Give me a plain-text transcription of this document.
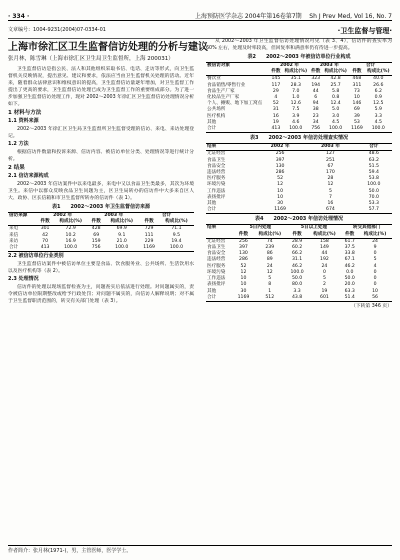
· 334 ·	上海预防医学杂志 2004年第16卷第7期 Sh J Prev Med, Vol 16, No. 7
文章编号：1004-9231(2004)07-0334-01	·卫生监督与管理·
上海市徐汇区卫生监督信访处理的分析与建议
张月林，陈雪琳（上海市徐汇区卫生局卫生监督所，上海 200031）

卫生监督信访是指公民、法人和其他组织采取书信、电话、走访等形式，向卫生监督机关反映情况，提出意见、建议和要求，依法应当由卫生监督机关处理的活动。近年来，随着群众法律意识和维权意识的提高，卫生监督信访量逐年增加，对卫生监督工作提出了更高的要求，卫生监督信访处理已成为卫生监督工作的重要组成部分。为了进一步加强卫生监督信访处理工作，现对 2002～2003 年徐汇区卫生监督信访处理情况分析如下。

1 材料与方法
1.1 资料来源

2002～2003 年徐汇区卫生局卫生监督所卫生监督受理的信访、来电、来访处理登记。

1.2 方法

根据信访件数量和投诉来源、信访内容、被信访单位分类、处理情况等进行统计分析。

2 结果
2.1 信访来源构成

2002～2003 年信访案件中以来电最多，来电中又以食品卫生类最多，其次为环境卫生。来信中以群众反映食品卫生问题为主，区卫生局转办的信访件中大多来自区人大、政协、区长信箱和市卫生监督所转办的信访件（表 1）。

表1　　2002～2003 年卫生监督信访来源
信访来源	2002 年		2003 年		合计	
	件数	构成比(%)	件数	构成比(%)	件数	构成比(%)
来电	301	72.9	428	69.9	729	71.1
来信	42	10.2	69	9.1	111	9.5
来访	70	16.9	159	21.0	229	19.4
合计	413	100.0	756	100.0	1169	100.0
2.2 被信访单位行业类别

卫生监督信访案件中被信访单位主要是食品、饮食服务业、公共场所、生活饮用水以及医疗机构等（表 2）。

2.3 处理情况

信访件的处理以现场监督检查为主，问题查实后依法进行处理。对问题属实的，责令被信访单位限期整改或给予行政处罚；对问题不属实的，向信访人解释说明；对不属于卫生监督职责范围的，转交有关部门处理（表 3）。

从 2002～2003 年卫生监督信访处理情况可见（表 3、4），信访件的查实率为 60% 左右，处理及时率较高，但回复率和满意率仍有待进一步提高。

表2　　2002～2003 年被信访单位行业构成
被信访对象	2002 年		2003 年		合计	
	件数	构成比(%)	件数	构成比(%)	件数	构成比(%)
餐饮业	145	35.1	323	42.8	468	40.0
食品销售/零售行业	117	28.3	194	25.7	311	26.6
食品生产厂家	29	7.0	44	5.8	73	6.2
化妆品生产厂家	4	1.0	6	0.8	10	0.9
个人、摊贩、地下加工窝点	52	12.6	94	12.4	146	12.5
公共场所	31	7.5	38	5.0	69	5.9
医疗机构	16	3.9	23	3.0	39	3.3
其他	19	4.6	34	4.5	53	4.5
合计	413	100.0	756	100.0	1169	100.0
表3　　2002～2003 年信访处理查实情况
结果	2002 年	2003 年	合计
无证经营	256	127	48.6
食品卫生	397	251	63.2
食品安全	130	67	51.5
违法经营	286	170	59.4
医疗服务	52	28	53.8
环境污染	12	12	100.0
工作违法	10	5	50.0
表扬批评	10	7	70.0
其他	30	16	53.3
合计	1169	674	57.7
表4　　2002～2003 年信访处理情况
结果	5日内处理		5日以上处理		转交其他部门	
	件数	构成比(%)	件数	构成比(%)	件数	构成比(%)
无证经营	256	74	28.9	158	61.7	24
食品卫生	397	239	60.2	149	37.5	9
食品安全	130	86	66.2	44	33.8	0
违法经营	286	89	31.1	192	67.1	5
医疗服务	52	24	46.2	24	46.2	4
环境污染	12	12	100.0	0	0.0	0
工作违法	10	5	50.0	5	50.0	0
表扬批评	10	8	80.0	2	20.0	0
其他	30	1	3.3	19	63.3	10
合计	1169	512	43.8	601	51.4	56
（下转第 346 页）
作者简介：张月林(1971-)，男，主管医师，医学学士。
